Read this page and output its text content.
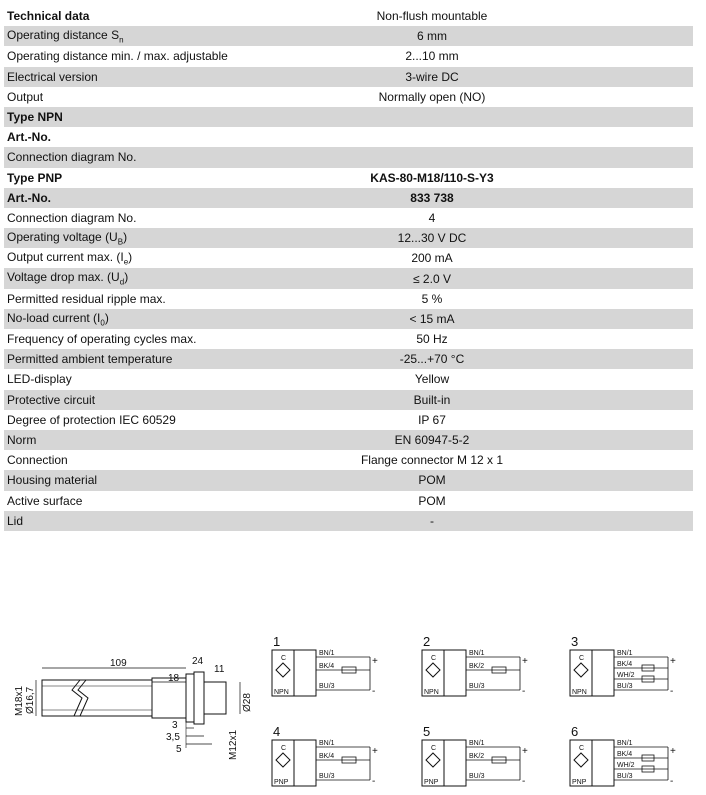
Technical data	Non-flush mountable
Operating distance $S_n$	6 mm
Operating distance min. / max. adjustable	2...10 mm
Electrical version	3-wire DC
Output	Normally open (NO)
Type NPN
Art.-No.
Connection diagram No.
Type PNP	KAS-80-M18/110-S-Y3
Art.-No.	833 738
Connection diagram No.	4
Operating voltage $(U_B)$	12...30 V DC
Output current max. $(I_e)$	200 mA
Voltage drop max. $(U_d)$	≤ 2.0 V
Permitted residual ripple max.	5 %
No-load current $(I_0)$	< 15 mA
Frequency of operating cycles max.	50 Hz
Permitted ambient temperature	-25...+70 °C
LED-display	Yellow
Protective circuit	Built-in
Degree of protection IEC 60529	IP 67
Norm	EN 60947-5-2
Connection	Flange connector M 12 x 1
Housing material	POM
Active surface	POM
Lid	-
109
18
24
11
M18x1 Ø16,7	Ø28
M12x1
3
3,5
5
1
C
NPN
BN/1
BK/4
BU/3
+
-
2
C
NPN
BN/1
BK/2
BU/3
+
-
3
C
NPN
BN/1
BK/4
WH/2
BU/3
+
-
4
C
PNP
BN/1
BK/4
BU/3
+
-
5
C
PNP
BN/1
BK/2
BU/3
+
-
6
C
PNP
BN/1
BK/4
WH/2
BU/3
+
-
